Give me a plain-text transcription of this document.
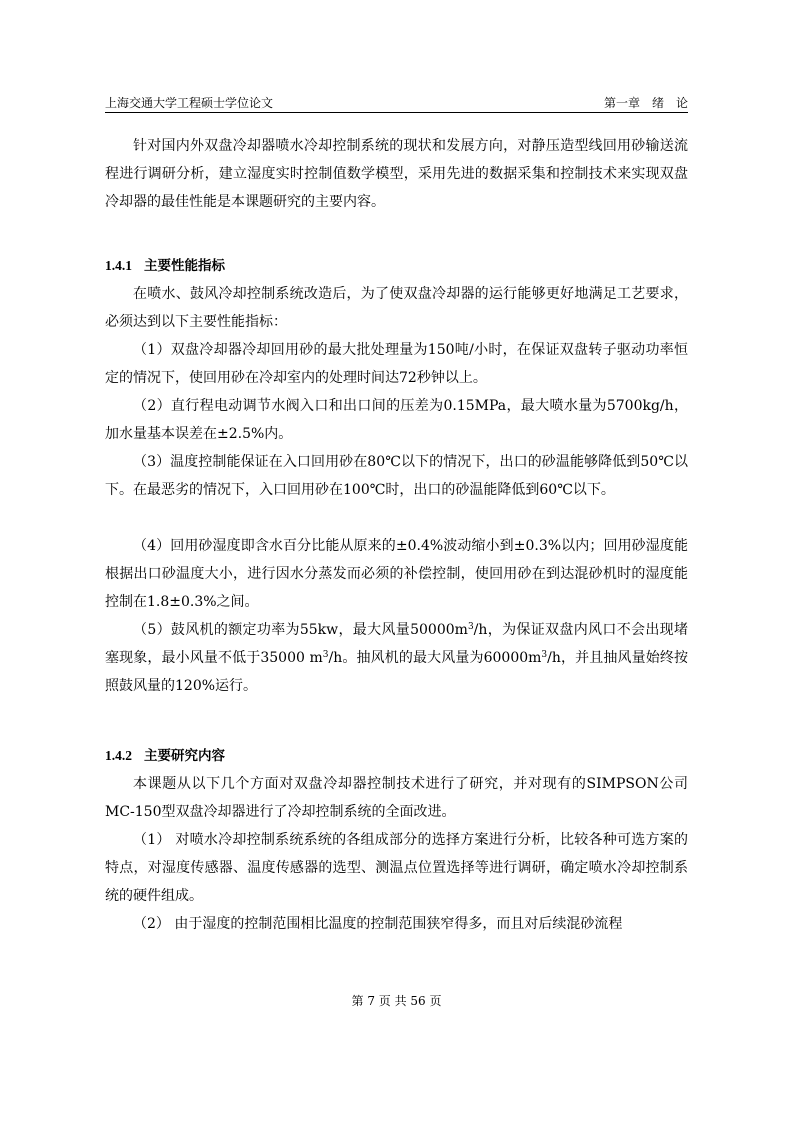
上海交通大学工程硕士学位论文	第一章　绪　论

针对国内外双盘冷却器喷水冷却控制系统的现状和发展方向，对静压造型线回用砂输送流程进行调研分析，建立湿度实时控制值数学模型，采用先进的数据采集和控制技术来实现双盘冷却器的最佳性能是本课题研究的主要内容。

1.4.1 主要性能指标

在喷水、鼓风冷却控制系统改造后，为了使双盘冷却器的运行能够更好地满足工艺要求，必须达到以下主要性能指标：

（1）双盘冷却器冷却回用砂的最大批处理量为150吨/小时，在保证双盘转子驱动功率恒定的情况下，使回用砂在冷却室内的处理时间达72秒钟以上。

（2）直行程电动调节水阀入口和出口间的压差为0.15MPa，最大喷水量为5700kg/h，加水量基本误差在±2.5%内。

（3）温度控制能保证在入口回用砂在80℃以下的情况下，出口的砂温能够降低到50℃以下。在最恶劣的情况下，入口回用砂在100℃时，出口的砂温能降低到60℃以下。

（4）回用砂湿度即含水百分比能从原来的±0.4%波动缩小到±0.3%以内；回用砂湿度能根据出口砂温度大小，进行因水分蒸发而必须的补偿控制，使回用砂在到达混砂机时的湿度能控制在1.8±0.3%之间。

（5）鼓风机的额定功率为55kw，最大风量$50000m^3/h$，为保证双盘内风口不会出现堵塞现象，最小风量不低于35000 $m^3/h$。抽风机的最大风量为$60000m^3/h$，并且抽风量始终按照鼓风量的120%运行。

1.4.2 主要研究内容

本课题从以下几个方面对双盘冷却器控制技术进行了研究，并对现有的SIMPSON公司MC-150型双盘冷却器进行了冷却控制系统的全面改进。

（1） 对喷水冷却控制系统系统的各组成部分的选择方案进行分析，比较各种可选方案的特点，对湿度传感器、温度传感器的选型、测温点位置选择等进行调研，确定喷水冷却控制系统的硬件组成。

（2） 由于湿度的控制范围相比温度的控制范围狭窄得多，而且对后续混砂流程

第 7 页 共 56 页
